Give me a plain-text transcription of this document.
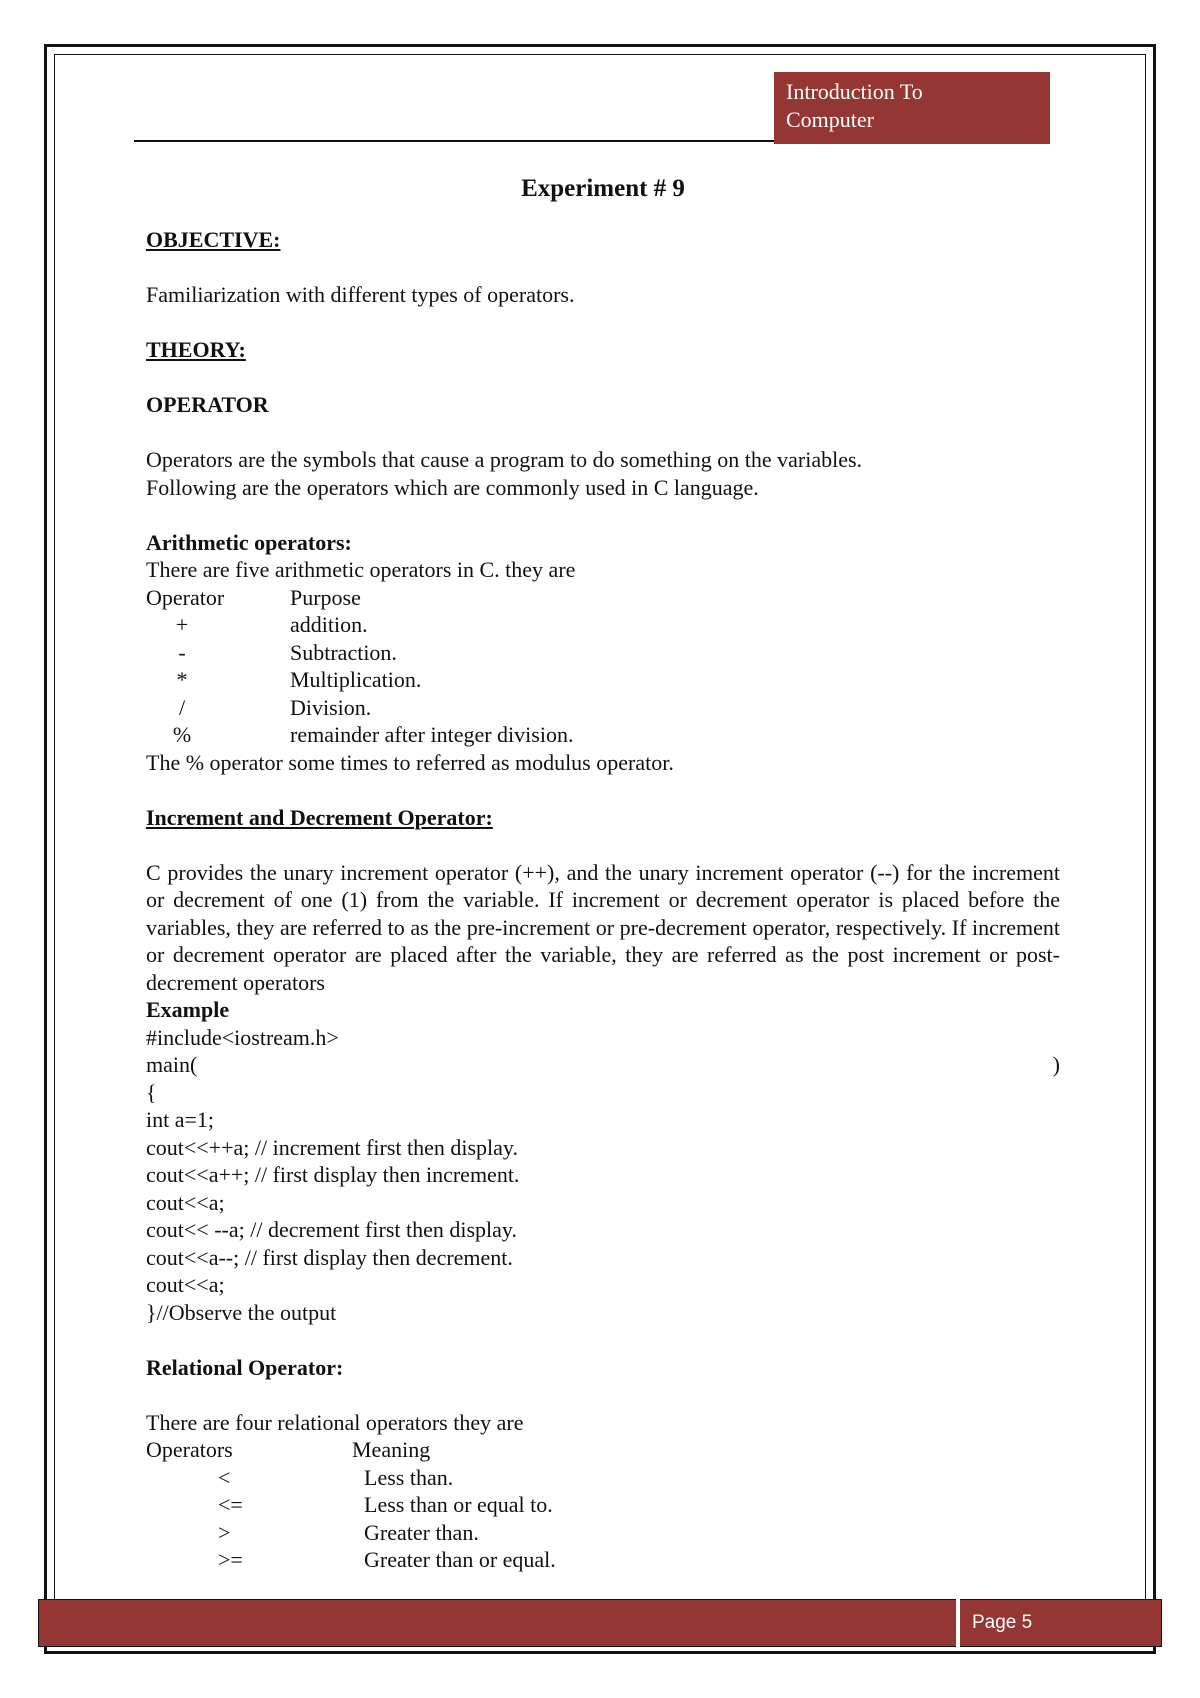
Introduction To
Computer

Experiment # 9

OBJECTIVE:

Familiarization with different types of operators.

THEORY:

OPERATOR

Operators are the symbols that cause a program to do something on the variables.

Following are the operators which are commonly used in C language.

Arithmetic operators:

There are five arithmetic operators in C. they are

Operator	Purpose
+	addition.
-	Subtraction.
*	Multiplication.
/	Division.
%	remainder after integer division.

The % operator some times to referred as modulus operator.

Increment and Decrement Operator:

C provides the unary increment operator (++), and the unary increment operator (--) for the increment or decrement of one (1) from the variable. If increment or decrement operator is placed before the variables, they are referred to as the pre-increment or pre-decrement operator, respectively. If increment or decrement operator are placed after the variable, they are referred as the post increment or post-decrement operators

Example

#include<iostream.h>

main(	)

{

int a=1;

cout<<++a; // increment first then display.

cout<<a++; // first display then increment.

cout<<a;

cout<< --a; // decrement first then display.

cout<<a--; // first display then decrement.

cout<<a;

}//Observe the output

Relational Operator:

There are four relational operators they are

Operators	Meaning
<	Less than.
<=	Less than or equal to.
>	Greater than.
>=	Greater than or equal.
Page 5
